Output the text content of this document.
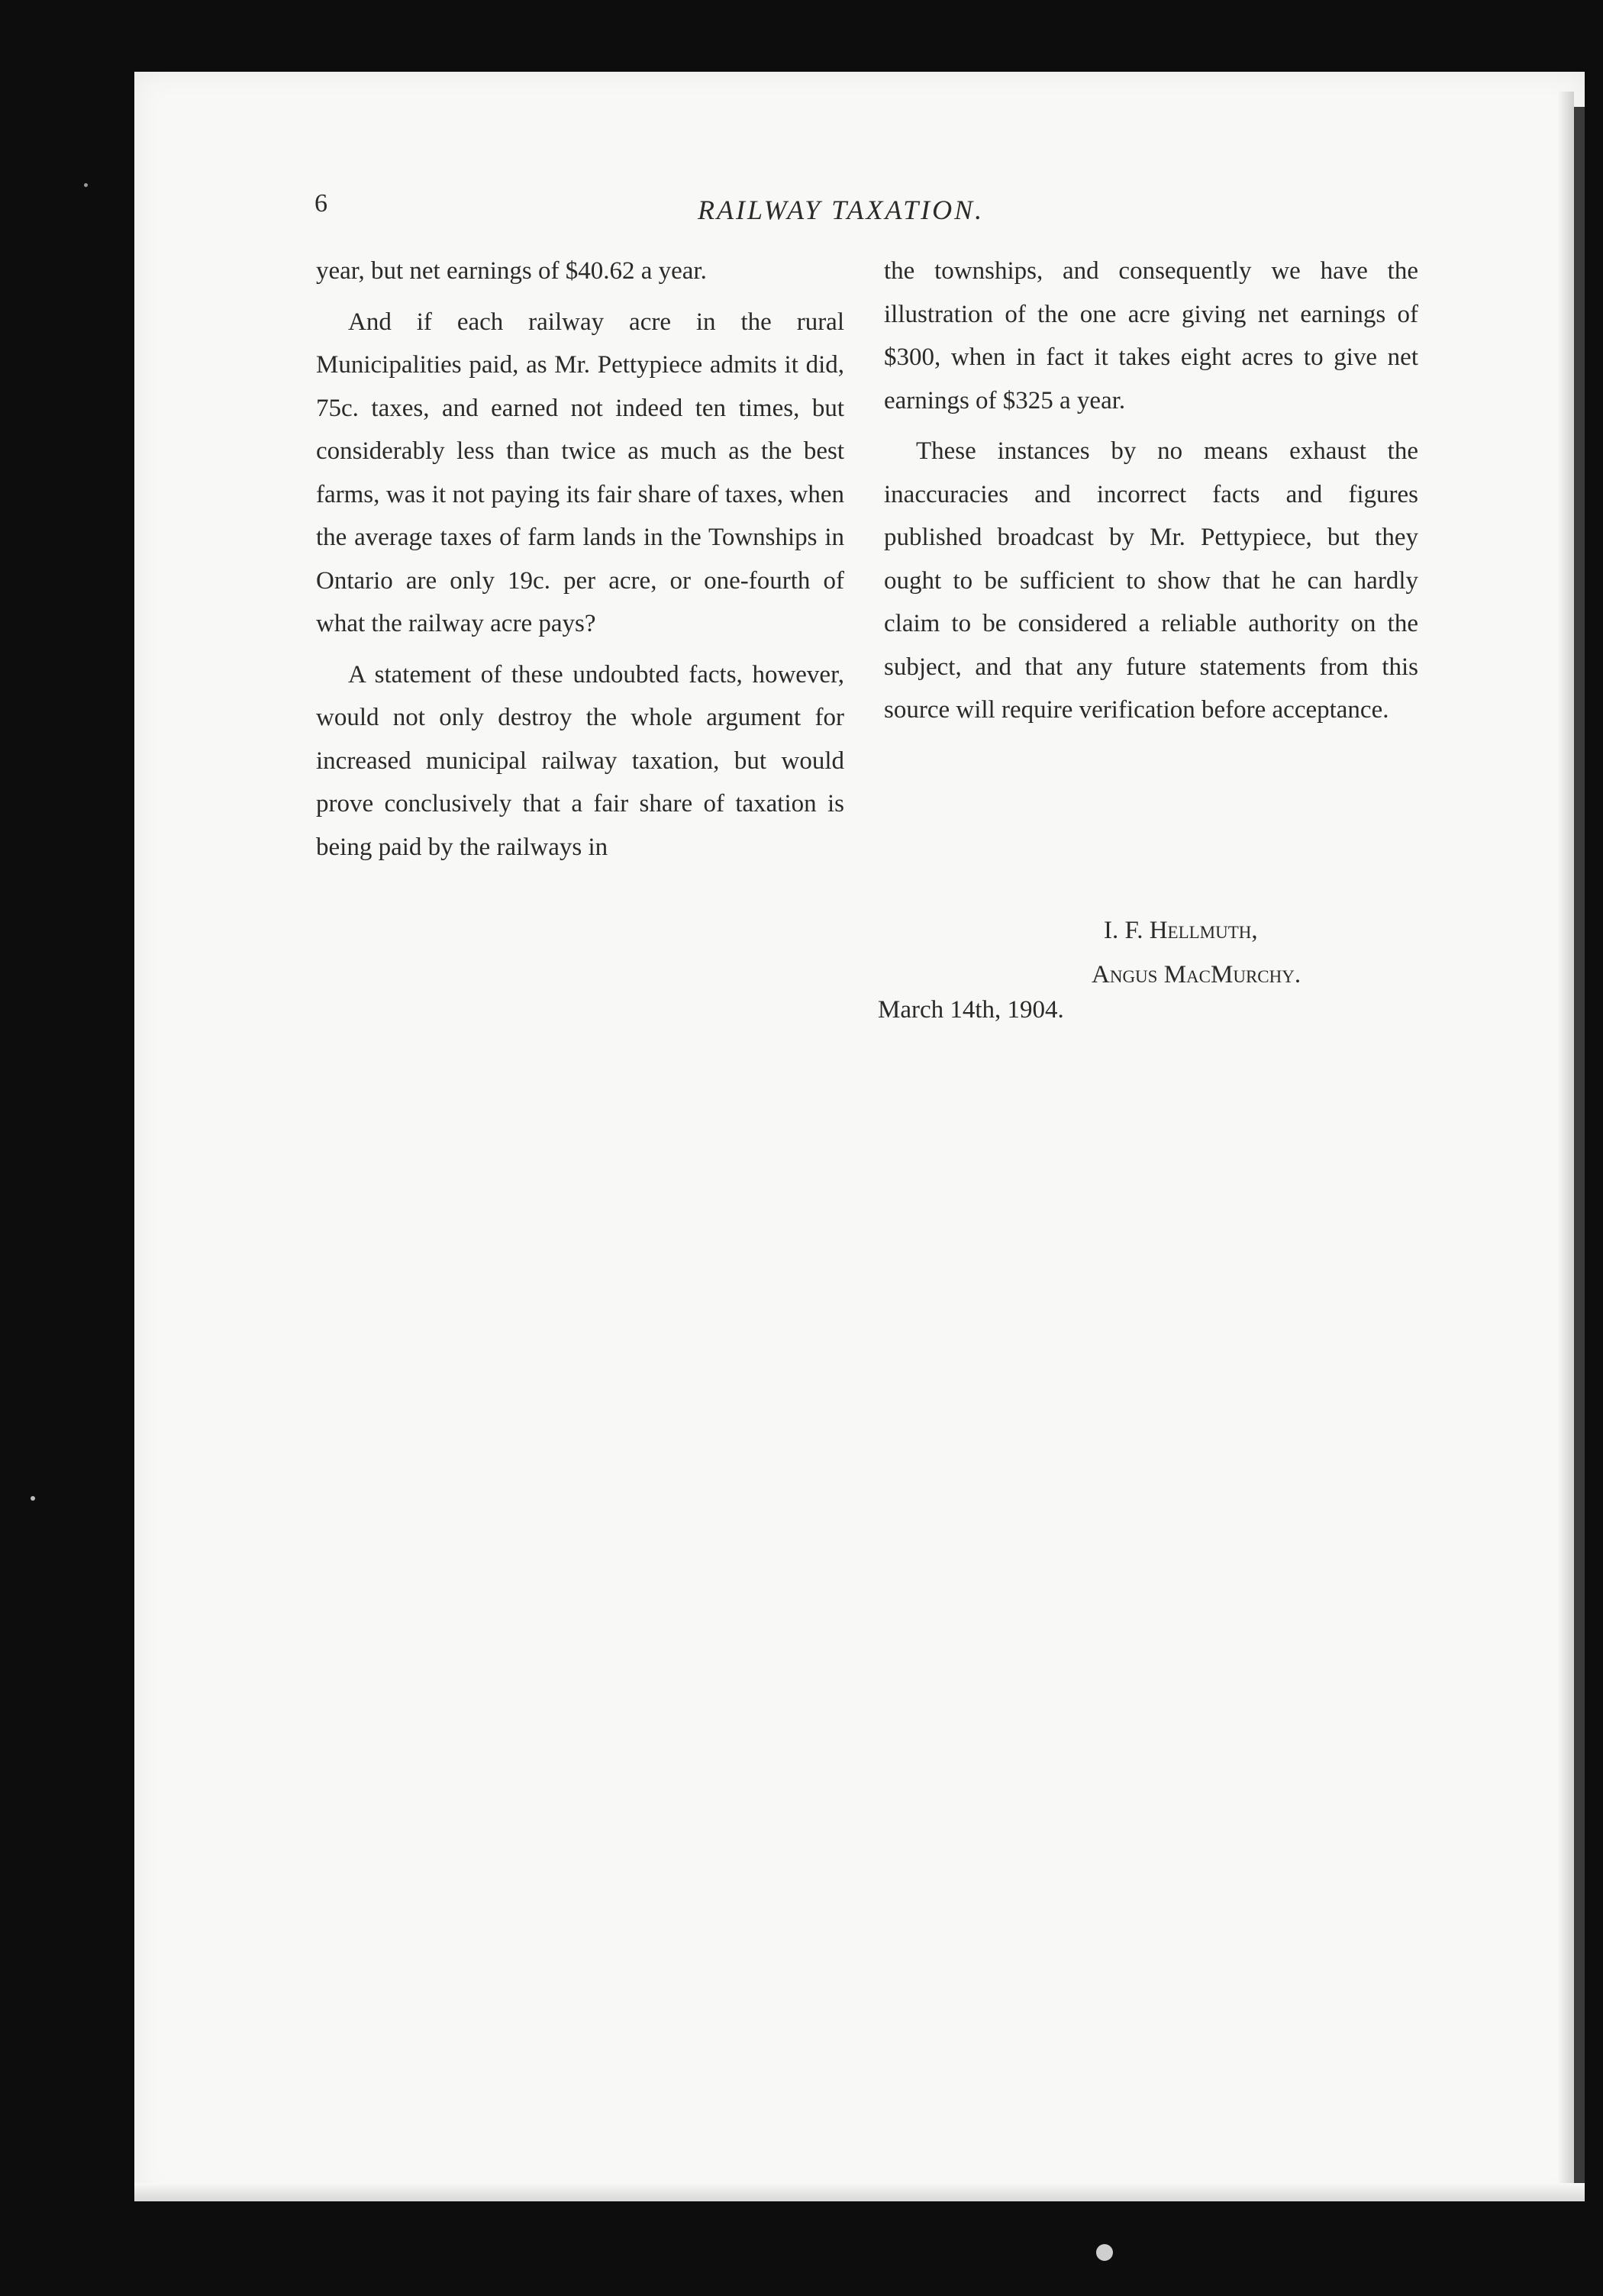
6	RAILWAY TAXATION.

year, but net earnings of $40.62 a year.

And if each railway acre in the rural Municipalities paid, as Mr. Pettypiece admits it did, 75c. taxes, and earned not indeed ten times, but considerably less than twice as much as the best farms, was it not paying its fair share of taxes, when the average taxes of farm lands in the Townships in Ontario are only 19c. per acre, or one-fourth of what the railway acre pays?

A statement of these undoubted facts, however, would not only destroy the whole argument for increased municipal railway taxation, but would prove conclusively that a fair share of taxation is being paid by the railways in

the townships, and consequently we have the illustration of the one acre giving net earnings of $300, when in fact it takes eight acres to give net earnings of $325 a year.

These instances by no means exhaust the inaccuracies and incorrect facts and figures published broadcast by Mr. Pettypiece, but they ought to be sufficient to show that he can hardly claim to be considered a reliable authority on the subject, and that any future statements from this source will require verification before acceptance.

I. F. Hellmuth,
Angus MacMurchy.
March 14th, 1904.
